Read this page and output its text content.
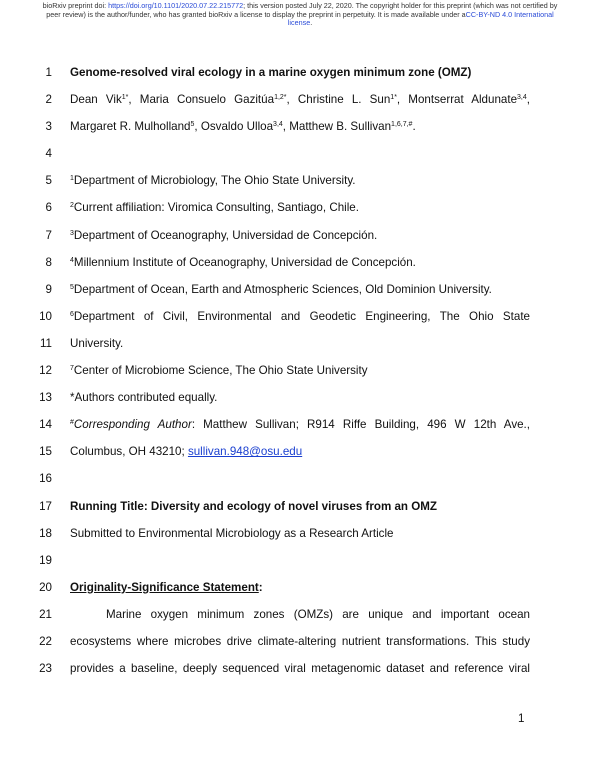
bioRxiv preprint doi: https://doi.org/10.1101/2020.07.22.215772; this version posted July 22, 2020. The copyright holder for this preprint (which was not certified by peer review) is the author/funder, who has granted bioRxiv a license to display the preprint in perpetuity. It is made available under aCC-BY-ND 4.0 International license.
1 Genome-resolved viral ecology in a marine oxygen minimum zone (OMZ)
2 Dean Vik$^{1*}$, Maria Consuelo Gazitúa$^{1,2*}$, Christine L. Sun$^{1*}$, Montserrat Aldunate$^{3,4}$,
3 Margaret R. Mulholland$^5$, Osvaldo Ulloa$^{3,4}$, Matthew B. Sullivan$^{1,6,7,\#}$.
4
5	$^1$Department of Microbiology, The Ohio State University.
6	$^2$Current affiliation: Viromica Consulting, Santiago, Chile.
7	$^3$Department of Oceanography, Universidad de Concepción.
8	$^4$Millennium Institute of Oceanography, Universidad de Concepción.
9	$^5$Department of Ocean, Earth and Atmospheric Sciences, Old Dominion University.
10	$^6$Department of Civil, Environmental and Geodetic Engineering, The Ohio State
11 University.
12	$^7$Center of Microbiome Science, The Ohio State University
13 *Authors contributed equally.
14	#Corresponding Author: Matthew Sullivan; R914 Riffe Building, 496 W 12th Ave.,
15 Columbus, OH 43210; sullivan.948@osu.edu
16
17 Running Title: Diversity and ecology of novel viruses from an OMZ
18 Submitted to Environmental Microbiology as a Research Article
19
20 Originality-Significance Statement:
21	Marine oxygen minimum zones (OMZs) are unique and important ocean
22 ecosystems where microbes drive climate-altering nutrient transformations. This study
23 provides a baseline, deeply sequenced viral metagenomic dataset and reference viral
1
